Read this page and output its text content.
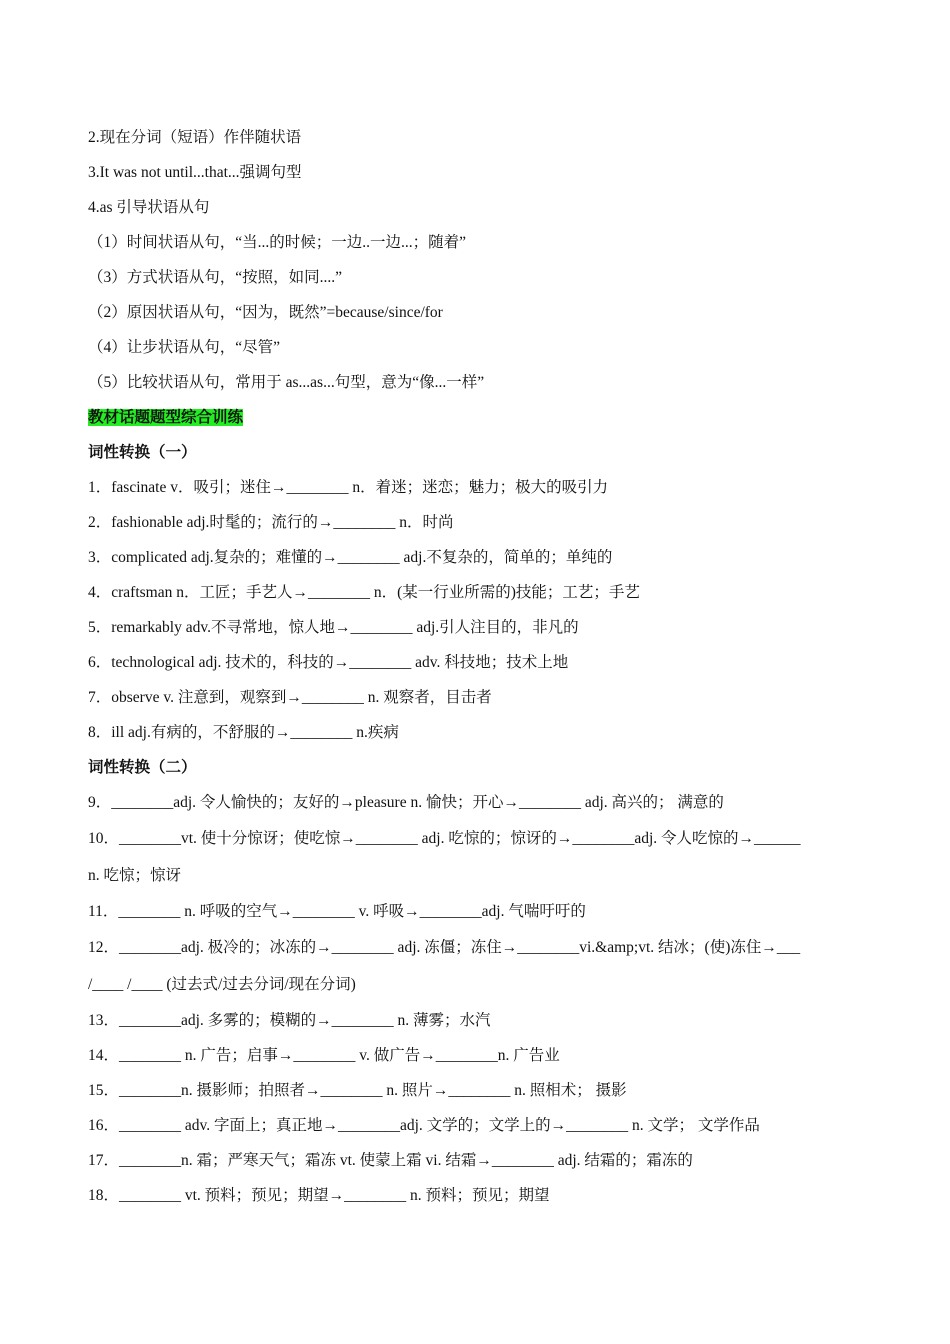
2.现在分词（短语）作伴随状语
3.It was not until...that...强调句型
4.as 引导状语从句
（1）时间状语从句，“当...的时候；一边..一边...；随着”
（3）方式状语从句，“按照，如同....”
（2）原因状语从句，“因为，既然”=because/since/for
（4）让步状语从句，“尽管”
（5）比较状语从句，常用于 as...as...句型，意为“像...一样”
教材话题题型综合训练
词性转换（一）
1．fascinate v．吸引；迷住→________ n．着迷；迷恋；魅力；极大的吸引力
2．fashionable adj.时髦的；流行的→________ n．时尚
3．complicated adj.复杂的；难懂的→________ adj.不复杂的，简单的；单纯的
4．craftsman n．工匠；手艺人→________ n．(某一行业所需的)技能；工艺；手艺
5．remarkably adv.不寻常地，惊人地→________ adj.引人注目的，非凡的
6．technological adj. 技术的，科技的→________ adv. 科技地；技术上地
7．observe v. 注意到，观察到→________ n. 观察者，目击者
8．ill adj.有病的，不舒服的→________ n.疾病
词性转换（二）
9．________adj. 令人愉快的；友好的→pleasure n. 愉快；开心→________ adj. 高兴的； 满意的
10．________vt. 使十分惊讶；使吃惊→________ adj. 吃惊的；惊讶的→________adj. 令人吃惊的→______
n. 吃惊；惊讶
11．________ n. 呼吸的空气→________ v. 呼吸→________adj. 气喘吁吁的
12．________adj. 极冷的；冰冻的→________ adj. 冻僵；冻住→________vi.&amp;vt. 结冰；(使)冻住→___
/____ /____ (过去式/过去分词/现在分词)
13．________adj. 多雾的；模糊的→________ n. 薄雾；水汽
14．________ n. 广告；启事→________ v. 做广告→________n. 广告业
15．________n. 摄影师；拍照者→________ n. 照片→________ n. 照相术； 摄影
16．________ adv. 字面上；真正地→________adj. 文学的；文学上的→________ n. 文学； 文学作品
17．________n. 霜；严寒天气；霜冻 vt. 使蒙上霜 vi. 结霜→________ adj. 结霜的；霜冻的
18．________ vt. 预料；预见；期望→________ n. 预料；预见；期望
